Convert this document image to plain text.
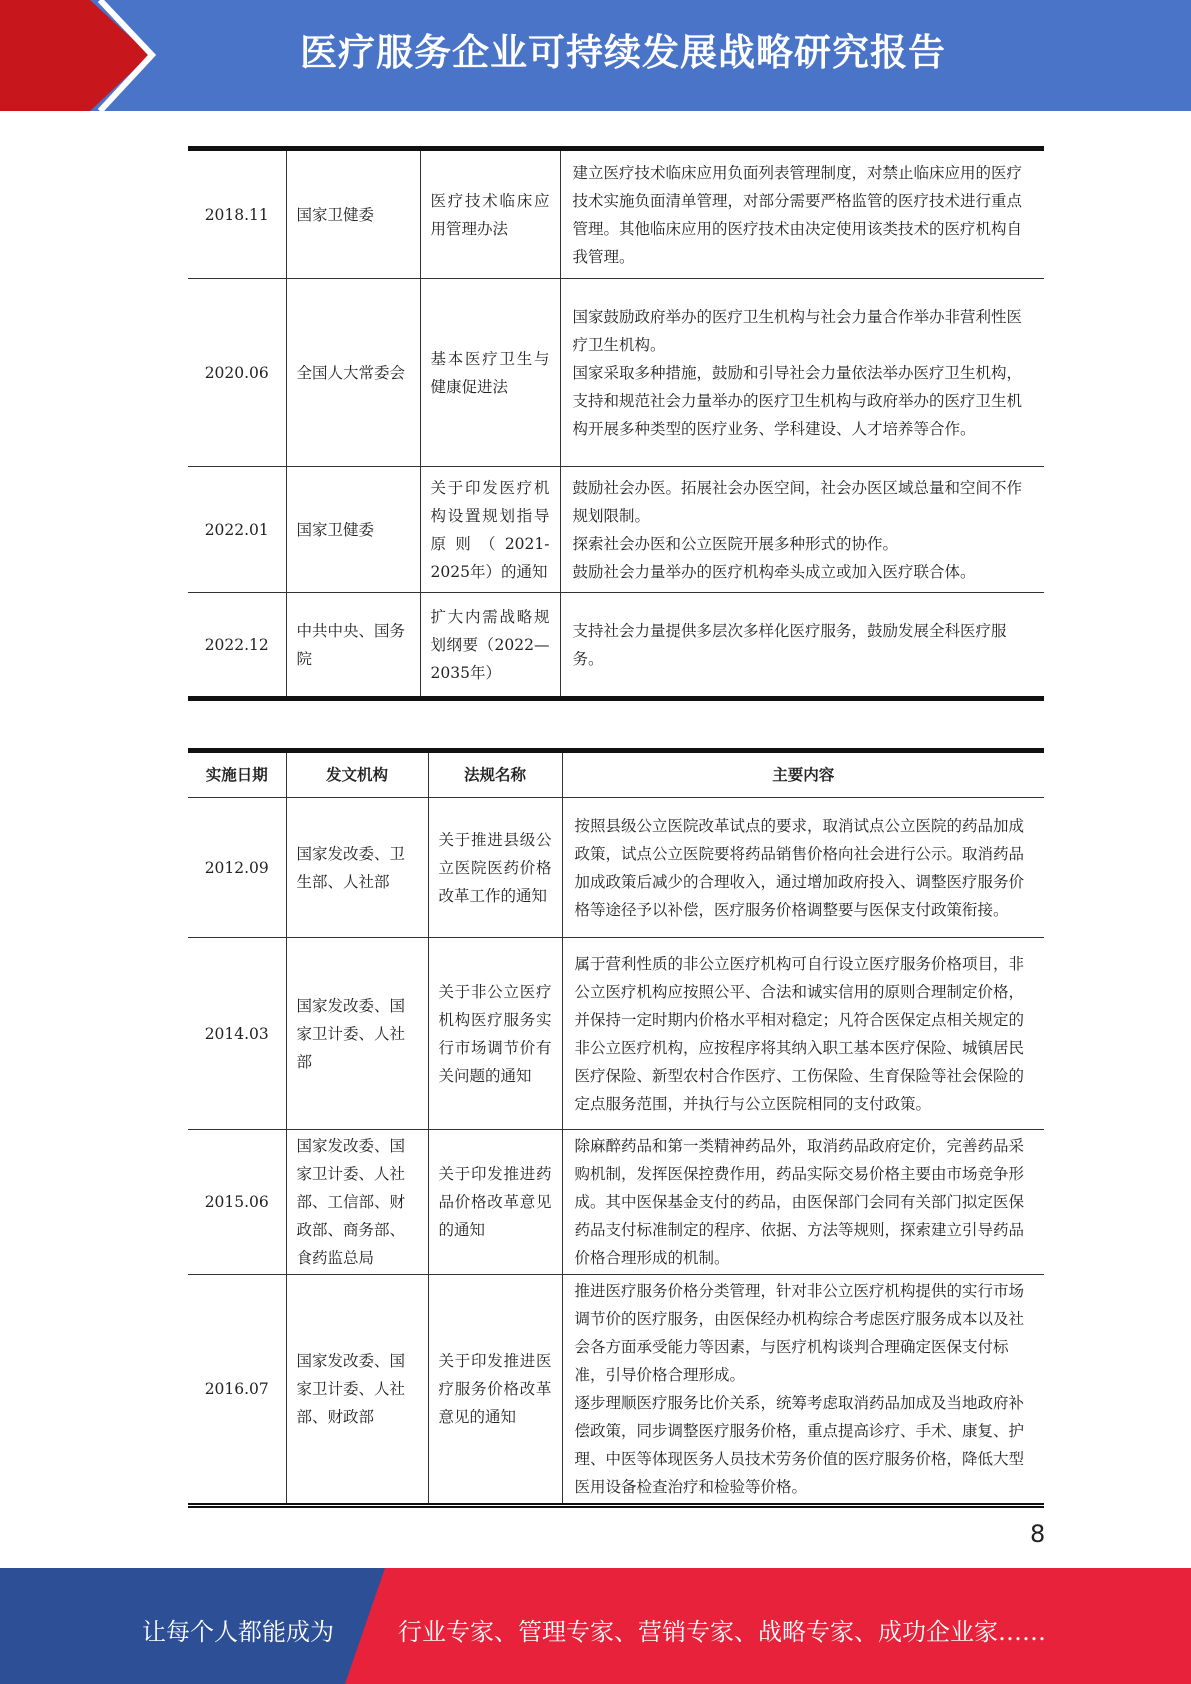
医疗服务企业可持续发展战略研究报告
2018.11	国家卫健委	医疗技术临床应用管理办法	建立医疗技术临床应用负面列表管理制度，对禁止临床应用的医疗技术实施负面清单管理，对部分需要严格监管的医疗技术进行重点管理。其他临床应用的医疗技术由决定使用该类技术的医疗机构自我管理。

2020.06	全国人大常委会	基本医疗卫生与健康促进法	国家鼓励政府举办的医疗卫生机构与社会力量合作举办非营利性医疗卫生机构。
国家采取多种措施，鼓励和引导社会力量依法举办医疗卫生机构，支持和规范社会力量举办的医疗卫生机构与政府举办的医疗卫生机构开展多种类型的医疗业务、学科建设、人才培养等合作。

2022.01	国家卫健委	关于印发医疗机构设置规划指导原则（2021-2025年）的通知	鼓励社会办医。拓展社会办医空间，社会办医区域总量和空间不作规划限制。
探索社会办医和公立医院开展多种形式的协作。
鼓励社会力量举办的医疗机构牵头成立或加入医疗联合体。

2022.12	中共中央、国务院	扩大内需战略规划纲要（2022—2035年）	支持社会力量提供多层次多样化医疗服务，鼓励发展全科医疗服务。
实施日期	发文机构	法规名称	主要内容
2012.09	国家发改委、卫生部、人社部	关于推进县级公立医院医药价格改革工作的通知	按照县级公立医院改革试点的要求，取消试点公立医院的药品加成政策，试点公立医院要将药品销售价格向社会进行公示。取消药品加成政策后减少的合理收入，通过增加政府投入、调整医疗服务价格等途径予以补偿，医疗服务价格调整要与医保支付政策衔接。

2014.03	国家发改委、国家卫计委、人社部	关于非公立医疗机构医疗服务实行市场调节价有关问题的通知	属于营利性质的非公立医疗机构可自行设立医疗服务价格项目，非公立医疗机构应按照公平、合法和诚实信用的原则合理制定价格，并保持一定时期内价格水平相对稳定；凡符合医保定点相关规定的非公立医疗机构，应按程序将其纳入职工基本医疗保险、城镇居民医疗保险、新型农村合作医疗、工伤保险、生育保险等社会保险的定点服务范围，并执行与公立医院相同的支付政策。

2015.06	国家发改委、国家卫计委、人社部、工信部、财政部、商务部、食药监总局	关于印发推进药品价格改革意见的通知	除麻醉药品和第一类精神药品外，取消药品政府定价，完善药品采购机制，发挥医保控费作用，药品实际交易价格主要由市场竞争形成。其中医保基金支付的药品，由医保部门会同有关部门拟定医保药品支付标准制定的程序、依据、方法等规则，探索建立引导药品价格合理形成的机制。

2016.07	国家发改委、国家卫计委、人社部、财政部	关于印发推进医疗服务价格改革意见的通知	推进医疗服务价格分类管理，针对非公立医疗机构提供的实行市场调节价的医疗服务，由医保经办机构综合考虑医疗服务成本以及社会各方面承受能力等因素，与医疗机构谈判合理确定医保支付标准，引导价格合理形成。
逐步理顺医疗服务比价关系，统筹考虑取消药品加成及当地政府补偿政策，同步调整医疗服务价格，重点提高诊疗、手术、康复、护理、中医等体现医务人员技术劳务价值的医疗服务价格，降低大型医用设备检查治疗和检验等价格。
8
让每个人都能成为	行业专家、管理专家、营销专家、战略专家、成功企业家……
